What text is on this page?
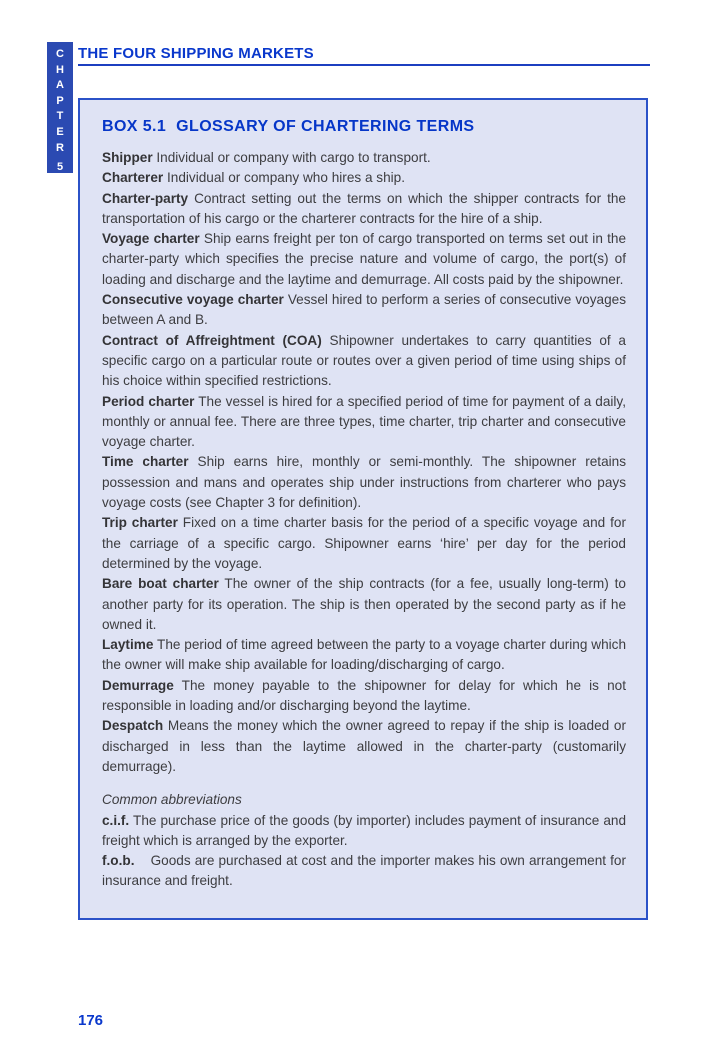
C
H
A
P
T
E
R
5
THE FOUR SHIPPING MARKETS
BOX 5.1 GLOSSARY OF CHARTERING TERMS

Shipper Individual or company with cargo to transport.

Charterer Individual or company who hires a ship.

Charter-party Contract setting out the terms on which the shipper contracts for the transportation of his cargo or the charterer contracts for the hire of a ship.

Voyage charter Ship earns freight per ton of cargo transported on terms set out in the charter-party which specifies the precise nature and volume of cargo, the port(s) of loading and discharge and the laytime and demurrage. All costs paid by the shipowner.

Consecutive voyage charter Vessel hired to perform a series of consecutive voyages between A and B.

Contract of Affreightment (COA) Shipowner undertakes to carry quantities of a specific cargo on a particular route or routes over a given period of time using ships of his choice within specified restrictions.

Period charter The vessel is hired for a specified period of time for payment of a daily, monthly or annual fee. There are three types, time charter, trip charter and consecutive voyage charter.

Time charter Ship earns hire, monthly or semi-monthly. The shipowner retains possession and mans and operates ship under instructions from charterer who pays voyage costs (see Chapter 3 for definition).

Trip charter Fixed on a time charter basis for the period of a specific voyage and for the carriage of a specific cargo. Shipowner earns ‘hire’ per day for the period determined by the voyage.

Bare boat charter The owner of the ship contracts (for a fee, usually long-term) to another party for its operation. The ship is then operated by the second party as if he owned it.

Laytime The period of time agreed between the party to a voyage charter during which the owner will make ship available for loading/discharging of cargo.

Demurrage The money payable to the shipowner for delay for which he is not responsible in loading and/or discharging beyond the laytime.

Despatch Means the money which the owner agreed to repay if the ship is loaded or discharged in less than the laytime allowed in the charter-party (customarily demurrage).

Common abbreviations

c.i.f. The purchase price of the goods (by importer) includes payment of insurance and freight which is arranged by the exporter.

f.o.b. Goods are purchased at cost and the importer makes his own arrangement for insurance and freight.

176
